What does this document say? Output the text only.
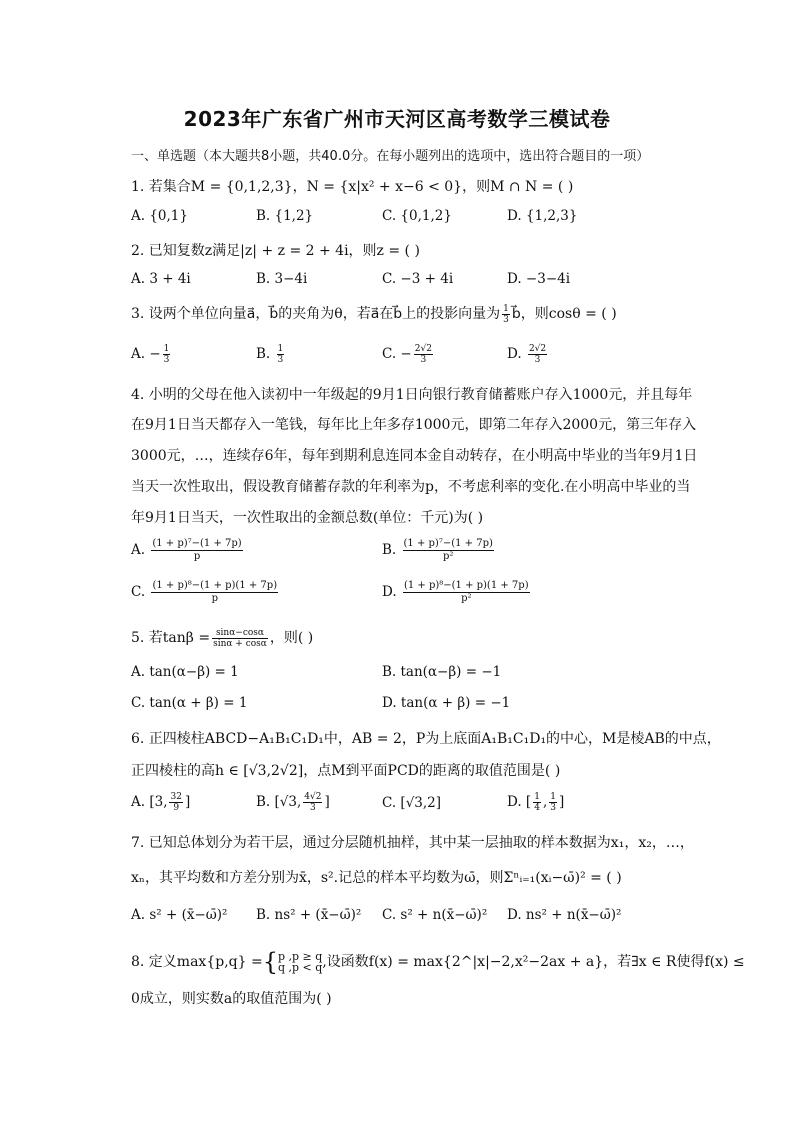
2023年广东省广州市天河区高考数学三模试卷
一、单选题（本大题共8小题，共40.0分。在每小题列出的选项中，选出符合题目的一项）
1. 若集合M = {0,1,2,3}，N = {x|x² + x−6 < 0}，则M ∩ N = ( )
A. {0,1}	B. {1,2}	C. {0,1,2}	D. {1,2,3}
2. 已知复数z满足|z| + z = 2 + 4i，则z = ( )
A. 3 + 4i	B. 3−4i	C. −3 + 4i	D. −3−4i
3. 设两个单位向量a⃗，b⃗的夹角为θ，若a⃗在b⃗上的投影向量为 $\frac{1}{3}$ b⃗，则cosθ = ( )
A. − $\frac{1}{3}$	B. $\frac{1}{3}$	C. − $\frac{2√2}{3}$	D. $\frac{2√2}{3}$
4. 小明的父母在他入读初中一年级起的9月1日向银行教育储蓄账户存入1000元，并且每年
在9月1日当天都存入一笔钱，每年比上年多存1000元，即第二年存入2000元，第三年存入
3000元，…，连续存6年，每年到期利息连同本金自动转存，在小明高中毕业的当年9月1日
当天一次性取出，假设教育储蓄存款的年利率为p，不考虑利率的变化.在小明高中毕业的当
年9月1日当天，一次性取出的金额总数(单位：千元)为( )
A. $\frac{\text{(1 + p)⁷−(1 + 7p)}}{p}$	B. $\frac{\text{(1 + p)⁷−(1 + 7p)}}{\text{p²}}$
C. $\frac{\text{(1 + p)⁸−(1 + p)(1 + 7p)}}{p}$	D. $\frac{\text{(1 + p)⁸−(1 + p)(1 + 7p)}}{\text{p²}}$
5. 若$\tan\beta = \frac{\sin\alpha-\cos\alpha}{\sin\alpha + \cos\alpha}$ ，则( )
A. tan(α−β) = 1	B. tan(α−β) = −1
C. tan(α + β) = 1	D. tan(α + β) = −1
6. 正四棱柱ABCD−A₁B₁C₁D₁中，AB = 2，P为上底面A₁B₁C₁D₁的中心，M是棱AB的中点，
正四棱柱的高h ∈ [√3,2√2]，点M到平面PCD的距离的取值范围是( )
A. [3, $\frac{32}{9}$ ]	B. [√3, $\frac{4√2}{3}$ ]	C. [√3,2]	D. [ $\frac{1}{4}$ , $\frac{1}{3}$ ]
7. 已知总体划分为若干层，通过分层随机抽样，其中某一层抽取的样本数据为x₁，x₂，…，
xₙ，其平均数和方差分别为x̄，s².记总的样本平均数为ω̄，则Σⁿᵢ₌₁(xᵢ−ω̄)² = ( )
A. s² + (x̄−ω̄)² B. ns² + (x̄−ω̄)² C. s² + n(x̄−ω̄)² D. ns² + n(x̄−ω̄)²
8. 定义max{p,q} ={ p ,p ≥ q
q ,p < q ,设函数f(x) = max{2^|x|−2,x²−2ax + a}，若∃x ∈ R使得f(x) ≤
0成立，则实数a的取值范围为( )
